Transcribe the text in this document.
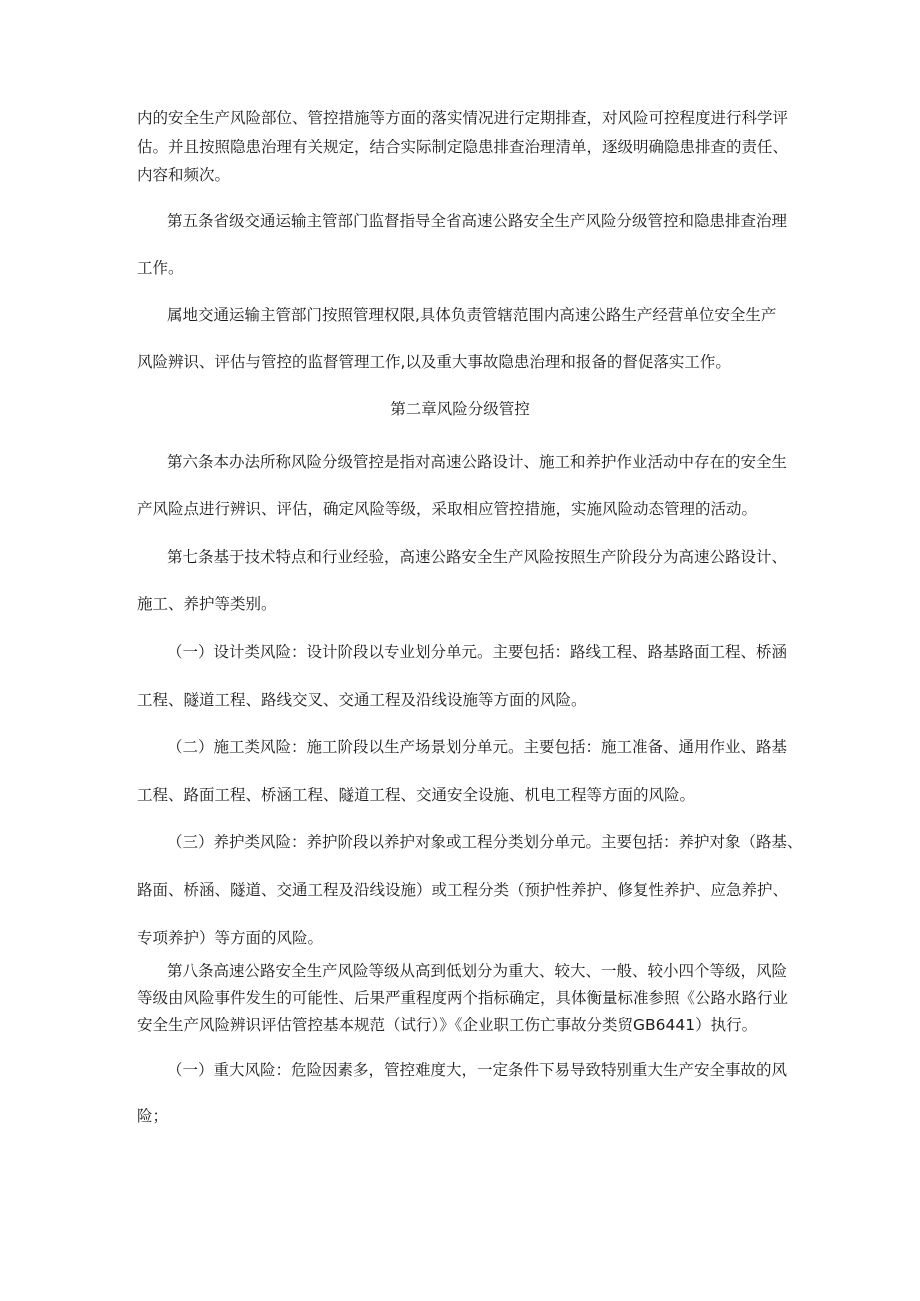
内的安全生产风险部位、管控措施等方面的落实情况进行定期排查，对风险可控程度进行科学评
估。并且按照隐患治理有关规定，结合实际制定隐患排查治理清单，逐级明确隐患排查的责任、
内容和频次。
第五条省级交通运输主管部门监督指导全省高速公路安全生产风险分级管控和隐患排查治理
工作。
属地交通运输主管部门按照管理权限,具体负责管辖范围内高速公路生产经营单位安全生产
风险辨识、评估与管控的监督管理工作,以及重大事故隐患治理和报备的督促落实工作。
第二章风险分级管控
第六条本办法所称风险分级管控是指对高速公路设计、施工和养护作业活动中存在的安全生
产风险点进行辨识、评估，确定风险等级，采取相应管控措施，实施风险动态管理的活动。
第七条基于技术特点和行业经验，高速公路安全生产风险按照生产阶段分为高速公路设计、
施工、养护等类别。
（一）设计类风险：设计阶段以专业划分单元。主要包括：路线工程、路基路面工程、桥涵
工程、隧道工程、路线交叉、交通工程及沿线设施等方面的风险。
（二）施工类风险：施工阶段以生产场景划分单元。主要包括：施工准备、通用作业、路基
工程、路面工程、桥涵工程、隧道工程、交通安全设施、机电工程等方面的风险。
（三）养护类风险：养护阶段以养护对象或工程分类划分单元。主要包括：养护对象（路基、
路面、桥涵、隧道、交通工程及沿线设施）或工程分类（预护性养护、修复性养护、应急养护、
专项养护）等方面的风险。
第八条高速公路安全生产风险等级从高到低划分为重大、较大、一般、较小四个等级，风险
等级由风险事件发生的可能性、后果严重程度两个指标确定，具体衡量标准参照《公路水路行业
安全生产风险辨识评估管控基本规范（试行）》《企业职工伤亡事故分类贸GB6441）执行。
（一）重大风险：危险因素多，管控难度大，一定条件下易导致特别重大生产安全事故的风
险；
